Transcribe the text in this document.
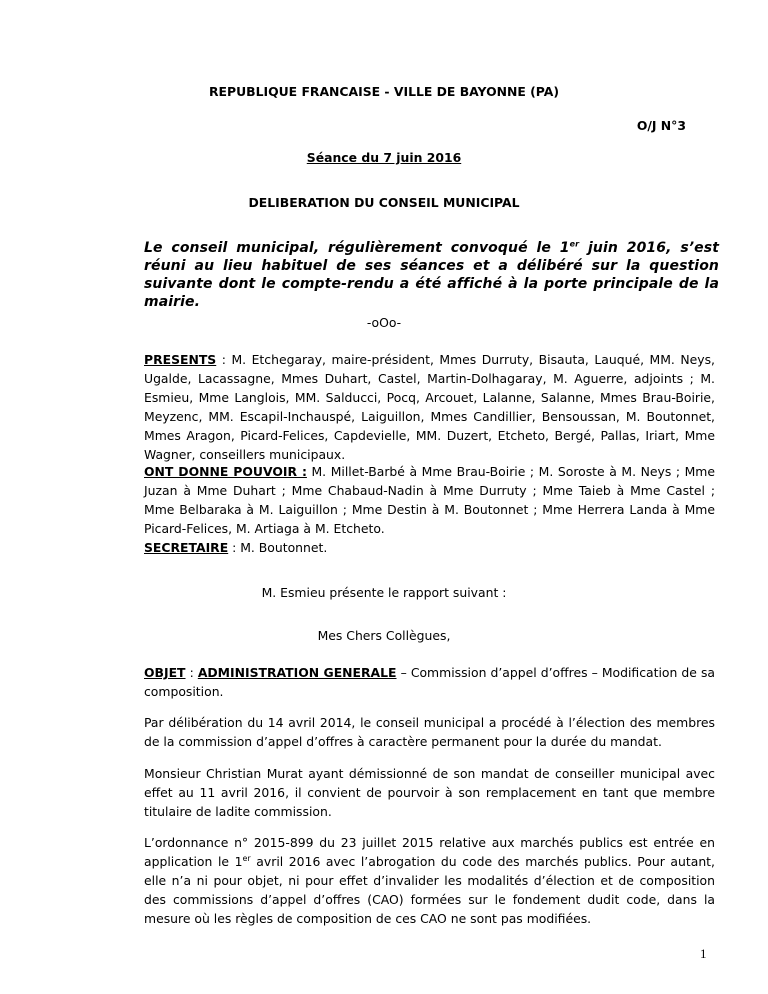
REPUBLIQUE FRANCAISE - VILLE DE BAYONNE (PA)
O/J N°3
Séance du 7 juin 2016
DELIBERATION DU CONSEIL MUNICIPAL
Le conseil municipal, régulièrement convoqué le 1er juin 2016, s’est réuni au lieu habituel de ses séances et a délibéré sur la question suivante dont le compte-rendu a été affiché à la porte principale de la mairie.
-oOo-

PRESENTS : M. Etchegaray, maire-président, Mmes Durruty, Bisauta, Lauqué, MM. Neys, Ugalde, Lacassagne, Mmes Duhart, Castel, Martin-Dolhagaray, M. Aguerre, adjoints ; M. Esmieu, Mme Langlois, MM. Salducci, Pocq, Arcouet, Lalanne, Salanne, Mmes Brau-Boirie, Meyzenc, MM. Escapil-Inchauspé, Laiguillon, Mmes Candillier, Bensoussan, M. Boutonnet, Mmes Aragon, Picard-Felices, Capdevielle, MM. Duzert, Etcheto, Bergé, Pallas, Iriart, Mme Wagner, conseillers municipaux.

ONT DONNE POUVOIR : M. Millet-Barbé à Mme Brau-Boirie ; M. Soroste à M. Neys ; Mme Juzan à Mme Duhart ; Mme Chabaud-Nadin à Mme Durruty ; Mme Taieb à Mme Castel ; Mme Belbaraka à M. Laiguillon ; Mme Destin à M. Boutonnet ; Mme Herrera Landa à Mme Picard-Felices, M. Artiaga à M. Etcheto.

SECRETAIRE : M. Boutonnet.

M. Esmieu présente le rapport suivant :
Mes Chers Collègues,

OBJET : ADMINISTRATION GENERALE – Commission d’appel d’offres – Modification de sa composition.

Par délibération du 14 avril 2014, le conseil municipal a procédé à l’élection des membres de la commission d’appel d’offres à caractère permanent pour la durée du mandat.

Monsieur Christian Murat ayant démissionné de son mandat de conseiller municipal avec effet au 11 avril 2016, il convient de pourvoir à son remplacement en tant que membre titulaire de ladite commission.

L’ordonnance n° 2015-899 du 23 juillet 2015 relative aux marchés publics est entrée en application le 1er avril 2016 avec l’abrogation du code des marchés publics. Pour autant, elle n’a ni pour objet, ni pour effet d’invalider les modalités d’élection et de composition des commissions d’appel d’offres (CAO) formées sur le fondement dudit code, dans la mesure où les règles de composition de ces CAO ne sont pas modifiées.

1
